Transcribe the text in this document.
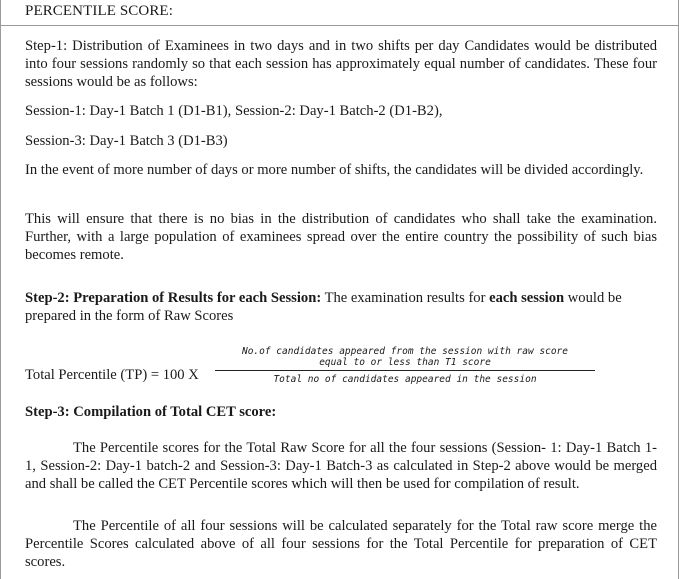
PERCENTILE SCORE:

Step-1: Distribution of Examinees in two days and in two shifts per day Candidates would be distributed into four sessions randomly so that each session has approximately equal number of candidates. These four sessions would be as follows:

Session-1: Day-1 Batch 1 (D1-B1), Session-2: Day-1 Batch-2 (D1-B2),

Session-3: Day-1 Batch 3 (D1-B3)

In the event of more number of days or more number of shifts, the candidates will be divided accordingly.

This will ensure that there is no bias in the distribution of candidates who shall take the examination. Further, with a large population of examinees spread over the entire country the possibility of such bias becomes remote.

Step-2: Preparation of Results for each Session: The examination results for each session would be prepared in the form of Raw Scores

Total Percentile (TP) = 100 X
No.of candidates appeared from the session with raw score
equal to or less than T1 score
Total no of candidates appeared in the session

Step-3: Compilation of Total CET score:

The Percentile scores for the Total Raw Score for all the four sessions (Session- 1: Day-1 Batch 1-1, Session-2: Day-1 batch-2 and Session-3: Day-1 Batch-3 as calculated in Step-2 above would be merged and shall be called the CET Percentile scores which will then be used for compilation of result.

The Percentile of all four sessions will be calculated separately for the Total raw score merge the Percentile Scores calculated above of all four sessions for the Total Percentile for preparation of CET scores.
